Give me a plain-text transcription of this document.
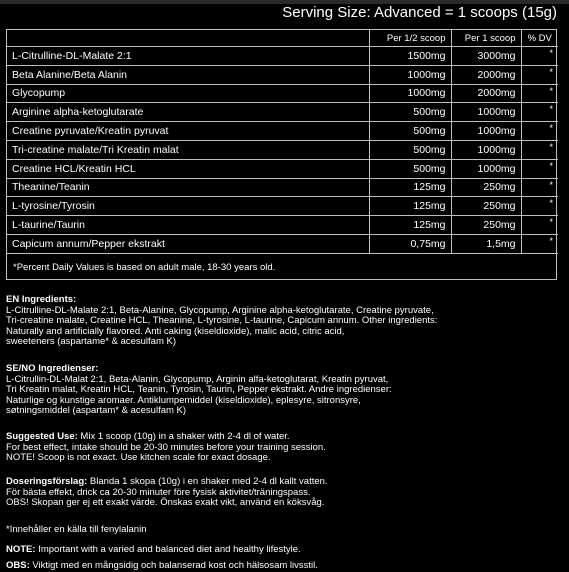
Serving Size: Advanced = 1 scoops (15g)
	Per 1/2 scoop	Per 1 scoop	% DV
L-Citrulline-DL-Malate 2:1	1500mg	3000mg	*
Beta Alanine/Beta Alanin	1000mg	2000mg	*
Glycopump	1000mg	2000mg	*
Arginine alpha-ketoglutarate	500mg	1000mg	*
Creatine pyruvate/Kreatin pyruvat	500mg	1000mg	*
Tri-creatine malate/Tri Kreatin malat	500mg	1000mg	*
Creatine HCL/Kreatin HCL	500mg	1000mg	*
Theanine/Teanin	125mg	250mg	*
L-tyrosine/Tyrosin	125mg	250mg	*
L-taurine/Taurin	125mg	250mg	*
Capicum annum/Pepper ekstrakt	0,75mg	1,5mg	*
*Percent Daily Values is based on adult male, 18-30 years old.

EN Ingredients:

L-Citrulline-DL-Malate 2:1, Beta-Alanine, Glycopump, Arginine alpha-ketoglutarate, Creatine pyruvate,

Tri-creatine malate, Creatine HCL, Theanine, L-tyrosine, L-taurine, Capicum annum. Other ingredients:

Naturally and artificially flavored. Anti caking (kiseldioxide), malic acid, citric acid,

sweeteners (aspartame* & acesulfam K)

SE/NO Ingredienser:

L-Citrullin-DL-Malat 2:1, Beta-Alanin, Glycopump, Arginin alfa-ketoglutarat, Kreatin pyruvat,

Tri Kreatin malat, Kreatin HCL, Teanin, Tyrosin, Taurin, Pepper ekstrakt. Andre ingredienser:

Naturlige og kunstige aromaer. Antiklumpemiddel (kiseldioxide), eplesyre, sitronsyre,

søtningsmiddel (aspartam* & acesulfam K)

Suggested Use: Mix 1 scoop (10g) in a shaker with 2-4 dl of water.

For best effect, intake should be 20-30 minutes before your training session.

NOTE! Scoop is not exact. Use kitchen scale for exact dosage.

Doseringsförslag: Blanda 1 skopa (10g) i en shaker med 2-4 dl kallt vatten.

För bästa effekt, drick ca 20-30 minuter före fysisk aktivitet/träningspass.

OBS! Skopan ger ej ett exakt värde. Önskas exakt vikt, använd en köksvåg.

*Innehåller en källa till fenylalanin

NOTE: Important with a varied and balanced diet and healthy lifestyle.

OBS: Viktigt med en mångsidig och balanserad kost och hälsosam livsstil.
